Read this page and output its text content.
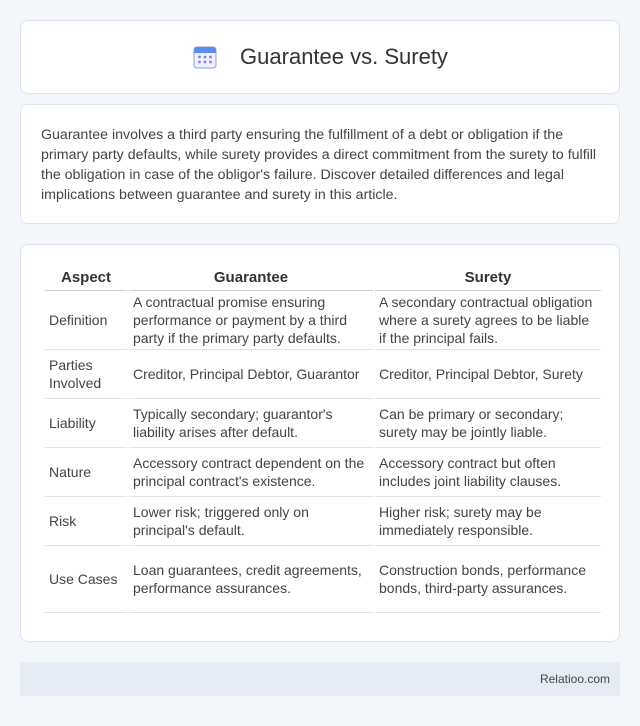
Guarantee vs. Surety

Guarantee involves a third party ensuring the fulfillment of a debt or obligation if the primary party defaults, while surety provides a direct commitment from the surety to fulfill the obligation in case of the obligor's failure. Discover detailed differences and legal implications between guarantee and surety in this article.

Aspect	Guarantee	Surety
Definition	A contractual promise ensuring performance or payment by a third party if the primary party defaults.	A secondary contractual obligation where a surety agrees to be liable if the principal fails.
Parties Involved	Creditor, Principal Debtor, Guarantor	Creditor, Principal Debtor, Surety
Liability	Typically secondary; guarantor's liability arises after default.	Can be primary or secondary; surety may be jointly liable.
Nature	Accessory contract dependent on the principal contract's existence.	Accessory contract but often includes joint liability clauses.
Risk	Lower risk; triggered only on principal's default.	Higher risk; surety may be immediately responsible.
Use Cases	Loan guarantees, credit agreements, performance assurances.	Construction bonds, performance bonds, third-party assurances.
Relatioo.com
